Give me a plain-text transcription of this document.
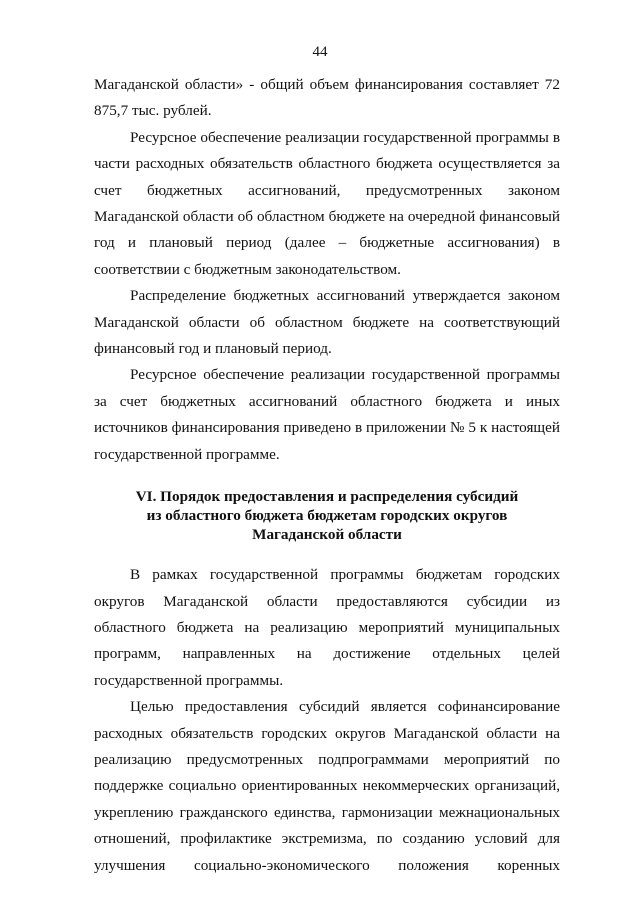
44

Магаданской области» - общий объем финансирования составляет 72 875,7 тыс. рублей.

Ресурсное обеспечение реализации государственной программы в части расходных обязательств областного бюджета осуществляется за счет бюджетных ассигнований, предусмотренных законом Магаданской области об областном бюджете на очередной финансовый год и плановый период (далее – бюджетные ассигнования) в соответствии с бюджетным законодательством.

Распределение бюджетных ассигнований утверждается законом Магаданской области об областном бюджете на соответствующий финансовый год и плановый период.

Ресурсное обеспечение реализации государственной программы за счет бюджетных ассигнований областного бюджета и иных источников финансирования приведено в приложении № 5 к настоящей государственной программе.

VI. Порядок предоставления и распределения субсидий
из областного бюджета бюджетам городских округов
Магаданской области

В рамках государственной программы бюджетам городских округов Магаданской области предоставляются субсидии из областного бюджета на реализацию мероприятий муниципальных программ, направленных на достижение отдельных целей государственной программы.

Целью предоставления субсидий является софинансирование расходных обязательств городских округов Магаданской области на реализацию предусмотренных подпрограммами мероприятий по поддержке социально ориентированных некоммерческих организаций, укреплению гражданского единства, гармонизации межнациональных отношений, профилактике экстремизма, по созданию условий для улучшения социально-экономического положения коренных
